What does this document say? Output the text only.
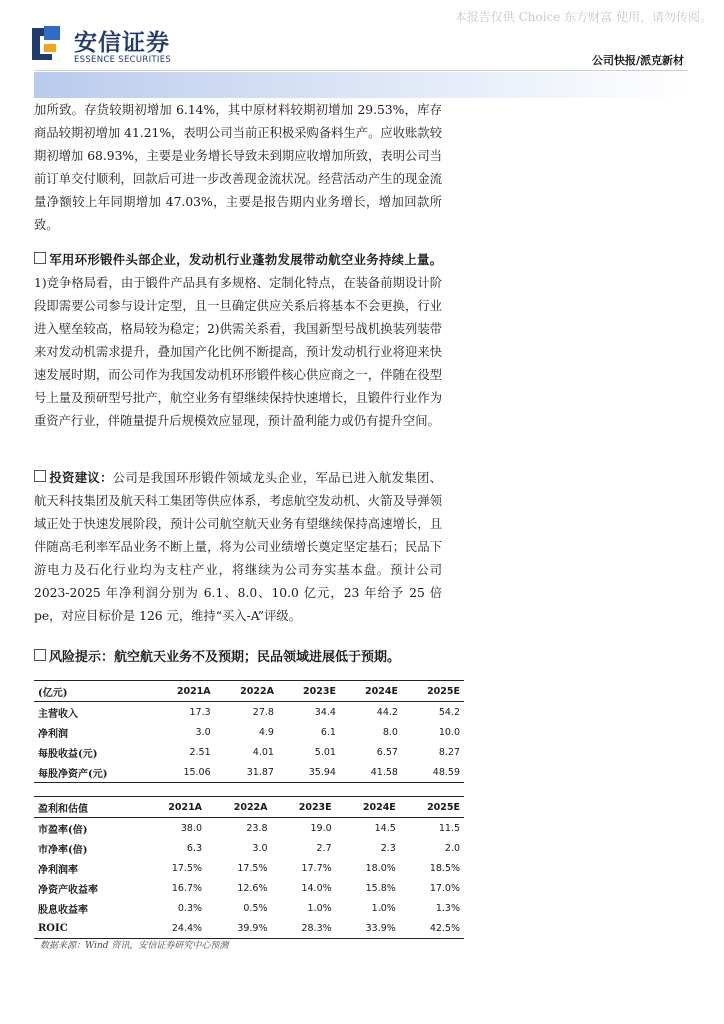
本报告仅供 Choice 东方财富 使用，请勿传阅。
安信证券
ESSENCE SECURITIES	公司快报/派克新材
加所致。存货较期初增加 6.14%，其中原材料较期初增加 29.53%，库存商品较期初增加 41.21%，表明公司当前正积极采购备料生产。应收账款较期初增加 68.93%，主要是业务增长导致未到期应收增加所致，表明公司当前订单交付顺利，回款后可进一步改善现金流状况。经营活动产生的现金流量净额较上年同期增加 47.03%，主要是报告期内业务增长，增加回款所致。
军用环形锻件头部企业，发动机行业蓬勃发展带动航空业务持续上量。1)竞争格局看，由于锻件产品具有多规格、定制化特点，在装备前期设计阶段即需要公司参与设计定型，且一旦确定供应关系后将基本不会更换，行业进入壁垒较高，格局较为稳定；2)供需关系看，我国新型号战机换装列装带来对发动机需求提升，叠加国产化比例不断提高，预计发动机行业将迎来快速发展时期，而公司作为我国发动机环形锻件核心供应商之一，伴随在役型号上量及预研型号批产，航空业务有望继续保持快速增长，且锻件行业作为重资产行业，伴随量提升后规模效应显现，预计盈利能力或仍有提升空间。
投资建议：公司是我国环形锻件领域龙头企业，军品已进入航发集团、航天科技集团及航天科工集团等供应体系，考虑航空发动机、火箭及导弹领域正处于快速发展阶段，预计公司航空航天业务有望继续保持高速增长，且伴随高毛利率军品业务不断上量，将为公司业绩增长奠定坚定基石；民品下游电力及石化行业均为支柱产业，将继续为公司夯实基本盘。预计公司 2023-2025 年净利润分别为 6.1、8.0、10.0 亿元，23 年给予 25 倍 pe，对应目标价是 126 元，维持“买入-A”评级。
风险提示：航空航天业务不及预期；民品领域进展低于预期。
(亿元)	2021A	2022A	2023E	2024E	2025E
主营收入	17.3	27.8	34.4	44.2	54.2
净利润	3.0	4.9	6.1	8.0	10.0
每股收益(元)	2.51	4.01	5.01	6.57	8.27
每股净资产(元)	15.06	31.87	35.94	41.58	48.59
盈利和估值	2021A	2022A	2023E	2024E	2025E
市盈率(倍)	38.0	23.8	19.0	14.5	11.5
市净率(倍)	6.3	3.0	2.7	2.3	2.0
净利润率	17.5%	17.5%	17.7%	18.0%	18.5%
净资产收益率	16.7%	12.6%	14.0%	15.8%	17.0%
股息收益率	0.3%	0.5%	1.0%	1.0%	1.3%
ROIC	24.4%	39.9%	28.3%	33.9%	42.5%
数据来源：Wind 资讯，安信证券研究中心预测
